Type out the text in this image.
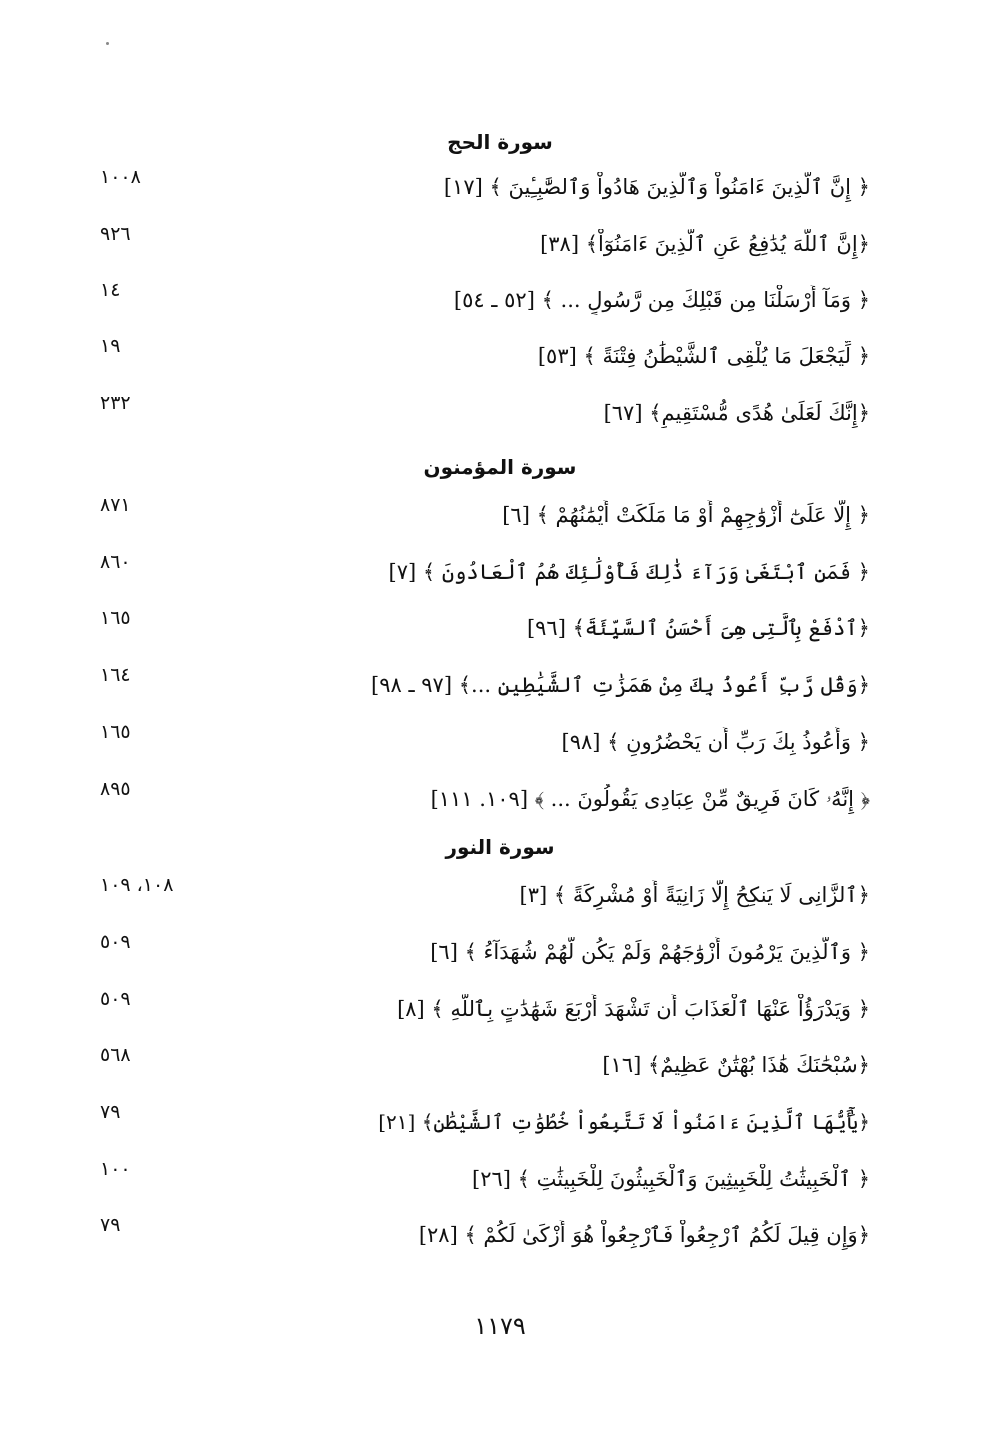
سورة الحج
﴿ إِنَّ ٱلَّذِينَ ءَامَنُواْ وَٱلَّذِينَ هَادُواْ وَٱلصَّٰبِـِٔينَ ﴾ [١٧]
١٠٠٨
﴿إِنَّ ٱللَّهَ يُدَٰفِعُ عَنِ ٱلَّذِينَ ءَامَنُوٓاْ﴾ [٣٨]
٩٢٦
﴿ وَمَآ أَرْسَلْنَا مِن قَبْلِكَ مِن رَّسُولٍ ... ﴾ [٥٢ ـ ٥٤]
١٤
﴿ لِّيَجْعَلَ مَا يُلْقِى ٱلشَّيْطَٰنُ فِتْنَةً ﴾ [٥٣]
١٩
﴿إِنَّكَ لَعَلَىٰ هُدًى مُّسْتَقِيمٍ﴾ [٦٧]
٢٣٢
سورة المؤمنون
﴿ إِلَّا عَلَىٰٓ أَزْوَٰجِهِمْ أَوْ مَا مَلَكَتْ أَيْمَٰنُهُمْ ﴾ [٦]
٨٧١
﴿ فَمَنِ ٱبْتَغَىٰ وَرَآءَ ذَٰلِكَ فَأُوْلَٰٓئِكَ هُمُ ٱلْعَادُونَ ﴾ [٧]
٨٦٠
﴿ٱدْفَعْ بِٱلَّتِى هِىَ أَحْسَنُ ٱلسَّيِّئَةَ﴾ [٩٦]
١٦٥
﴿وَقُل رَّبِّ أَعُوذُ بِكَ مِنْ هَمَزَٰتِ ٱلشَّيَٰطِينِ ...﴾ [٩٧ ـ ٩٨]
١٦٤
﴿ وَأَعُوذُ بِكَ رَبِّ أَن يَحْضُرُونِ ﴾ [٩٨]
١٦٥
﴿ إِنَّهُۥ كَانَ فَرِيقٌ مِّنْ عِبَادِى يَقُولُونَ ... ﴾ [١٠٩. ١١١]
٨٩٥
سورة النور
﴿ٱلزَّانِى لَا يَنكِحُ إِلَّا زَانِيَةً أَوْ مُشْرِكَةً ﴾ [٣]
١٠٨، ١٠٩
﴿ وَٱلَّذِينَ يَرْمُونَ أَزْوَٰجَهُمْ وَلَمْ يَكُن لَّهُمْ شُهَدَآءُ ﴾ [٦]
٥٠٩
﴿ وَيَدْرَؤُاْ عَنْهَا ٱلْعَذَابَ أَن تَشْهَدَ أَرْبَعَ شَهَٰدَٰتٍ بِٱللَّهِ ﴾ [٨]
٥٠٩
﴿سُبْحَٰنَكَ هَٰذَا بُهْتَٰنٌ عَظِيمٌ﴾ [١٦]
٥٦٨
﴿يَٰٓأَيُّهَا ٱلَّذِينَ ءَامَنُواْ لَا تَتَّبِعُواْ خُطُوَٰتِ ٱلشَّيْطَٰنِ﴾ [٢١]
٧٩
﴿ ٱلْخَبِيثَٰتُ لِلْخَبِيثِينَ وَٱلْخَبِيثُونَ لِلْخَبِيثَٰتِ ﴾ [٢٦]
١٠٠
﴿وَإِن قِيلَ لَكُمُ ٱرْجِعُواْ فَٱرْجِعُواْ هُوَ أَزْكَىٰ لَكُمْ ﴾ [٢٨]
٧٩
١١٧٩
